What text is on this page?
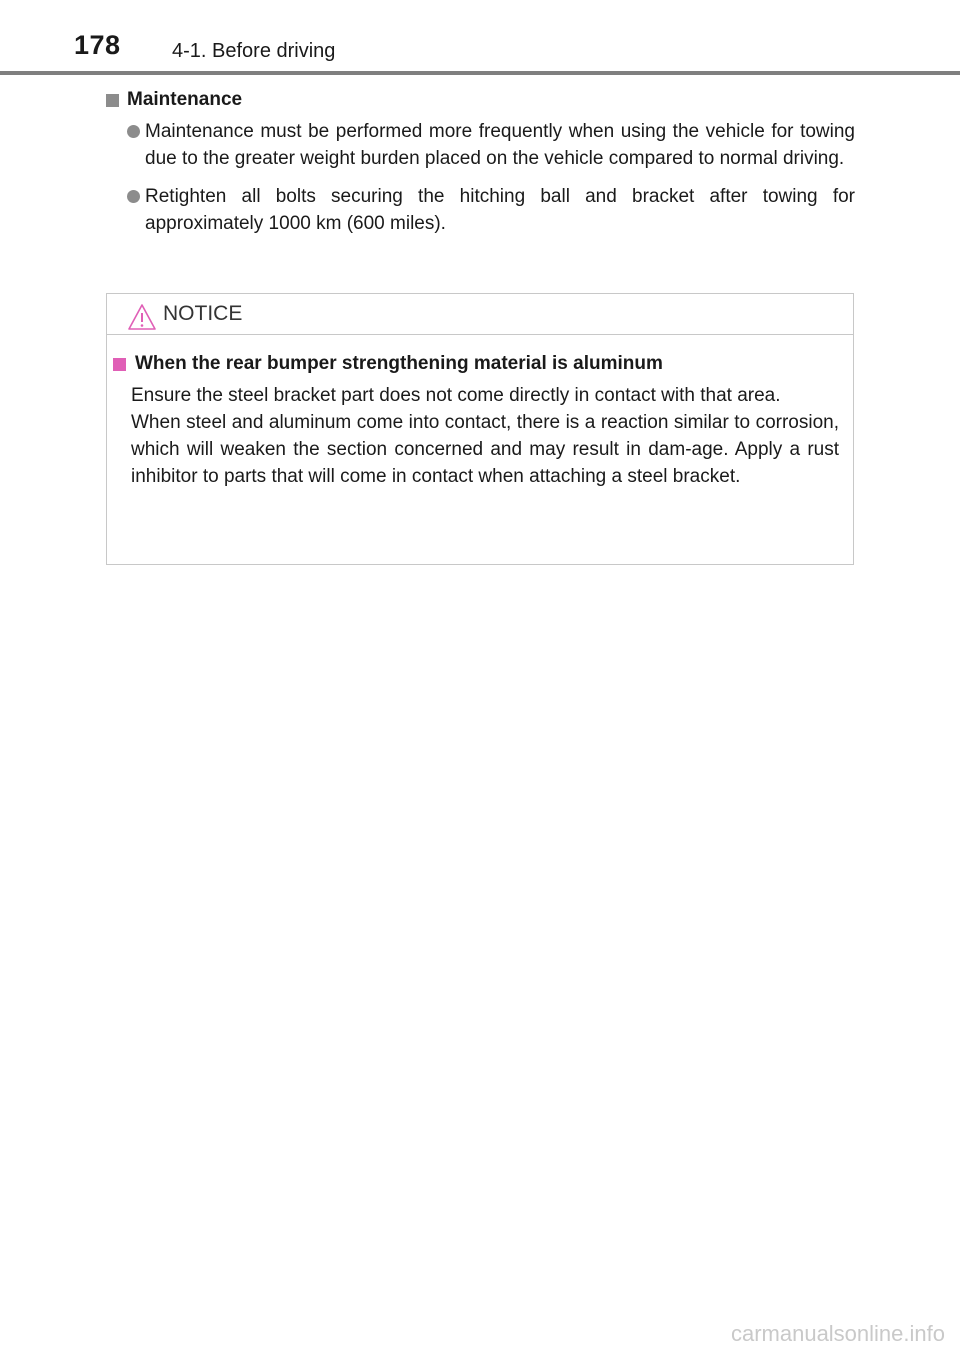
178	4-1. Before driving
Maintenance
Maintenance must be performed more frequently when using the vehicle for towing due to the greater weight burden placed on the vehicle compared to normal driving.
Retighten all bolts securing the hitching ball and bracket after towing for approximately 1000 km (600 miles).
NOTICE
When the rear bumper strengthening material is aluminum

Ensure the steel bracket part does not come directly in contact with that area.

When steel and aluminum come into contact, there is a reaction similar to corrosion, which will weaken the section concerned and may result in dam-age. Apply a rust inhibitor to parts that will come in contact when attaching a steel bracket.

carmanualsonline.info
